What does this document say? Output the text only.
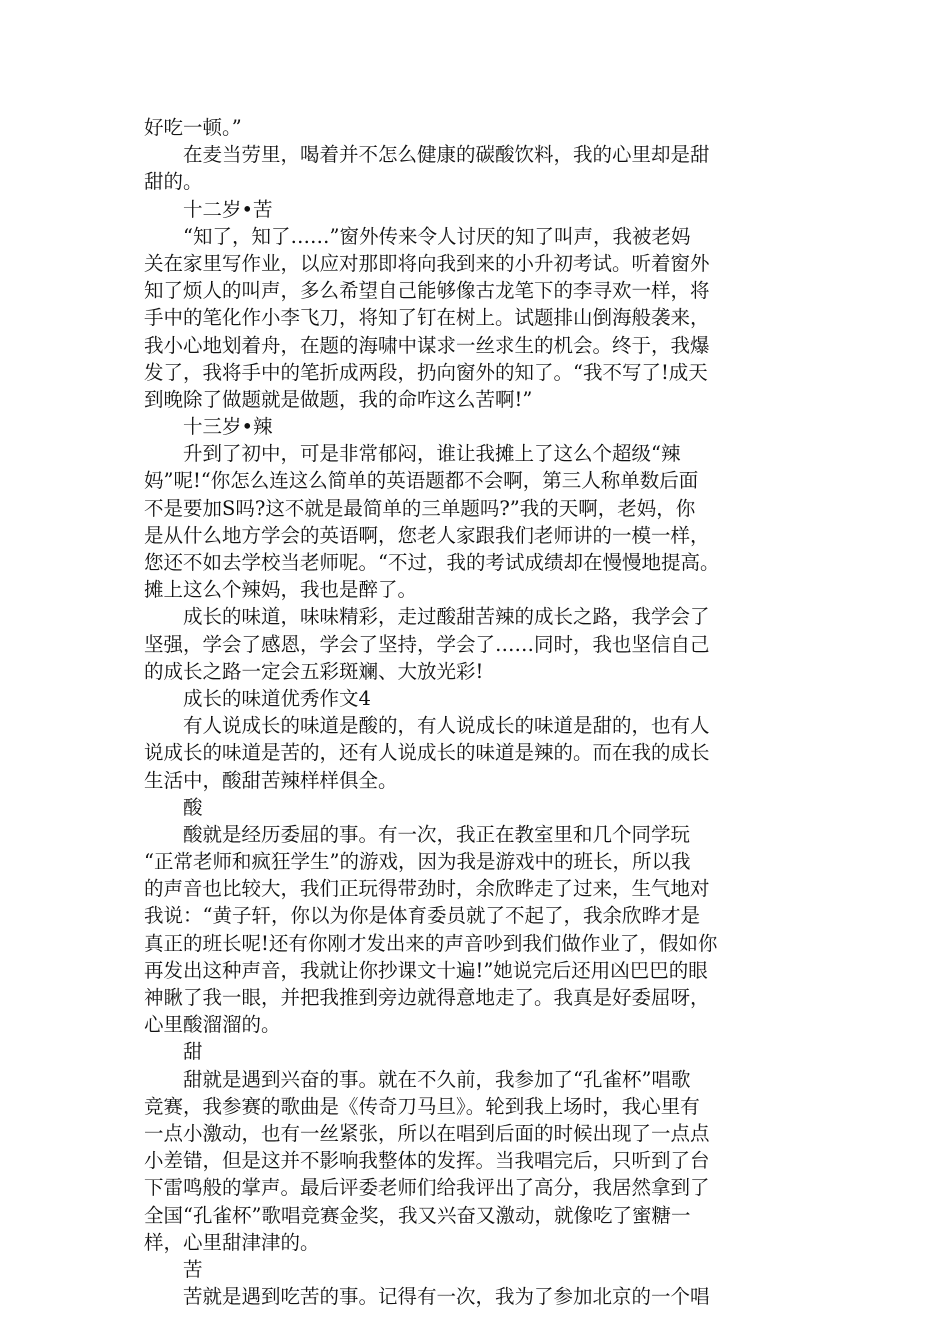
好吃一顿。”
　　在麦当劳里，喝着并不怎么健康的碳酸饮料，我的心里却是甜
甜的。
　　十二岁•苦
　　“知了，知了……”窗外传来令人讨厌的知了叫声，我被老妈
关在家里写作业，以应对那即将向我到来的小升初考试。听着窗外
知了烦人的叫声，多么希望自己能够像古龙笔下的李寻欢一样，将
手中的笔化作小李飞刀，将知了钉在树上。试题排山倒海般袭来，
我小心地划着舟，在题的海啸中谋求一丝求生的机会。终于，我爆
发了，我将手中的笔折成两段，扔向窗外的知了。“我不写了!成天
到晚除了做题就是做题，我的命咋这么苦啊!”
　　十三岁•辣
　　升到了初中，可是非常郁闷，谁让我摊上了这么个超级“辣
妈”呢!“你怎么连这么简单的英语题都不会啊，第三人称单数后面
不是要加S吗?这不就是最简单的三单题吗?”我的天啊，老妈，你
是从什么地方学会的英语啊，您老人家跟我们老师讲的一模一样，
您还不如去学校当老师呢。“不过，我的考试成绩却在慢慢地提高。
摊上这么个辣妈，我也是醉了。
　　成长的味道，味味精彩，走过酸甜苦辣的成长之路，我学会了
坚强，学会了感恩，学会了坚持，学会了……同时，我也坚信自己
的成长之路一定会五彩斑斓、大放光彩!
　　成长的味道优秀作文4
　　有人说成长的味道是酸的，有人说成长的味道是甜的，也有人
说成长的味道是苦的，还有人说成长的味道是辣的。而在我的成长
生活中，酸甜苦辣样样俱全。
　　酸
　　酸就是经历委屈的事。有一次，我正在教室里和几个同学玩
“正常老师和疯狂学生”的游戏，因为我是游戏中的班长，所以我
的声音也比较大，我们正玩得带劲时，余欣晔走了过来，生气地对
我说：“黄子轩，你以为你是体育委员就了不起了，我余欣晔才是
真正的班长呢!还有你刚才发出来的声音吵到我们做作业了，假如你
再发出这种声音，我就让你抄课文十遍!”她说完后还用凶巴巴的眼
神瞅了我一眼，并把我推到旁边就得意地走了。我真是好委屈呀，
心里酸溜溜的。
　　甜
　　甜就是遇到兴奋的事。就在不久前，我参加了“孔雀杯”唱歌
竞赛，我参赛的歌曲是《传奇刀马旦》。轮到我上场时，我心里有
一点小激动，也有一丝紧张，所以在唱到后面的时候出现了一点点
小差错，但是这并不影响我整体的发挥。当我唱完后，只听到了台
下雷鸣般的掌声。最后评委老师们给我评出了高分，我居然拿到了
全国“孔雀杯”歌唱竞赛金奖，我又兴奋又激动，就像吃了蜜糖一
样，心里甜津津的。
　　苦
　　苦就是遇到吃苦的事。记得有一次，我为了参加北京的一个唱
